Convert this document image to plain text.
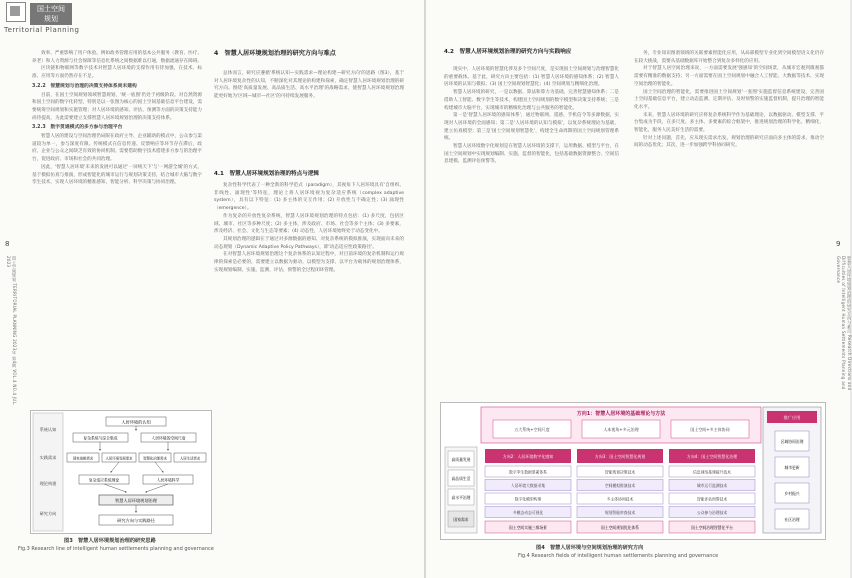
国土空间
规划
Territorial Planning
8
国土空间规划 TERRITORIAL PLANNING 2023年 第4期 VOL.4 NO.4 JUL. 2023

效率、严重影响了用户体验。例如政务管理应用的基本公共服务（教育、医疗、养老）和人力资源与社会保障等信息化系统之间数据难以打通，数据流通存在障碍。

区块链和物联网等数字技术对智慧人居环境的支撑作用有待加强，在技术、标准、应用等方面仍然存在不足。

3.2.2　智慧规划与治理的决策支持体系尚未建构

目前，在国土空间规划领域智慧规划，'统一底图'仍处于初级阶段。对自然资源和国土空间的数字化转型，特别是以一张图为核心的国土空间基础信息平台建设，需要统筹空间规划和实施管理；对人居环境的感知、评估、预测等方面的决策支持能力尚待提高，为此需要建立支撑智慧人居环境规划治理的决策支持体系。

3.2.3　数字贯通模式的多方参与治理平台

智慧人居的建设与空间治理仍局限在政府主导、企业辅助的模式中，公众参与渠道较为单一，参与深度有限。传统模式在信息传递、反馈响应等环节存在滞后，政府、企业与公众之间缺乏有效的协同机制。需要借助数字技术搭建多方参与的治理平台，促进政府、市场和社会的共同治理。

因此，'智慧人居环境'未来的发展可以通过'一屏统天下'与'一网游全城'的方式，基于模拟仿真与推演，形成智能化的城市运行与规划决策支持，结合城市大脑与数字孪生技术，实现人居环境的精准感知、智能分析、科学决策与协同治理。

4　智慧人居环境规划治理的研究方向与难点

总体而言，研究应遵循'系统认知—实践需求—理论构建—研究方向'的思路（图3），基于对人居环境复杂性的认知，不断深化对其理论的构建和探索，确定智慧人居环境规划治理的研究方向。围绕'高质量发展、高品质生活、高水平治理'的战略需求，使智慧人居环境规划治理能更好地为'区域—城市—社区'的可持续发展服务。

4.1　智慧人居环境规划治理的特点与逻辑

复杂性科学代表了一种全新的科学范式（paradigm），其视角下人居环境具有'自组织、非线性、涌现性'等特征，理论上将人居环境视为复杂适应系统（complex adaptive system），具有以下特征：(1) 多主体的交互作用；(2) 开放性与不确定性；(3) 涌现性（emergence）。

作为复杂的开放性复杂系统，智慧人居环境规划治理的特点包括：(1) 多尺度，包括区域、城市、社区等多种尺度；(2) 多主体，涉及政府、市场、社会等多个主体；(3) 多要素，涉及经济、社会、文化与生态等要素；(4) 动态性，人居环境始终处于动态变化中。

其规划治理的逻辑在于通过对多源数据的感知、对复杂系统的模拟推演，实现面向未来的动态规划（Dynamic Adaptive Policy Pathways），即'动态适应性政策路径'。

在对智慧人居环境规划治理这个复杂体系的认知过程中，对目前环境的复杂机制和运行规律的探索是必要的，需要建立以数据为驱动、以模型为支撑、以平台为载体的规划治理体系，实现规划编制、实施、监测、评估、预警的全过程闭环管理。

系统认知
实践需求
理论构建
研究方向
人居环境的认知
复杂系统与综合集成	人居环境的空间尺度
国家战略需求	人居环境发展需求	智慧化治理需求	人居生活需求
复杂适应系统理论	人居环境科学
智慧人居环境规划治理
研究方向与实践路径
图3　智慧人居环境规划治理的研究思路
Fig.3 Research line of intelligent human settlements planning and governance
9
智慧人居环境规划治理的研究方向与难点 Research Directions and Difficulties of Intelligent Human Settlements Planning and Governance
4.2　智慧人居环境规划治理的研究方向与实践响应

现实中，人居环境的智慧化涉及多个空间尺度，是实现国土空间规划与治理智慧化的重要载体。基于此，研究方向主要包括：(1) 智慧人居环境的感知体系；(2) 智慧人居环境的认知与模拟；(3) 国土空间规划智慧化；(4) 空间规划与精细化治理。

智慧人居环境的研究，一是以数据、算法和算力为基础，完善智慧感知体系；二是借助人工智能、数字孪生等技术，构建国土空间规划的数字模型和决策支持系统；三是构建城市大脑平台，实现城市的精细化治理与公共服务的智能化。

第一是'智慧人居环境的感知体系'，通过物联网、遥感、手机信令等多源数据，实现对人居环境的全面感知；第二是'人居环境的认知与模拟'，以复杂系统理论为基础，建立仿真模型；第三是'国土空间规划智慧化'，构建全生命周期的国土空间规划管理系统。

智慧人居环境数字化规划是在智慧人居环境的支撑下，运用数据、模型与平台，在国土空间规划中实现规划编制、实施、监督的智能化，包括基础数据资源整合、空间信息建模、监测评估预警等。

务，专业知识图谱领域的关联要素智能化应用，从局部模型专业化到空间模型语义化仍存在较大挑战，需要从基础数据库开始整合到复杂多样化的应用。

对于智慧人居空间治理来说，一方面需要发展'强感知'的空间场景，从城市宏观到微观都需要有精准的数据支持；另一方面需要在国土空间规划中融合人工智能、大数据等技术，实现空间治理的智能化。

国土空间治理的智能化，需要推进国土空间规划'一张图'实施监督信息系统建设，完善国土空间基础信息平台，建立动态监测、定期评估、及时预警的实施监督机制，提升治理的智能化水平。

未来，智慧人居环境的研究应将复杂系统科学作为基础理论，以数据驱动、模型支撑、平台集成为手段，在多尺度、多主体、多要素的综合框架中，推进规划治理的科学化、精细化、智能化，服务人民美好生活的需要。

针对上述问题，首先，应从现实需求出发，规划治理的研究应面向多主体的需求，推动空间的动态优化；其次，进一步加强跨学科协同研究。

方向1：智慧人居环境的基础理论与方法
五大系统+空间尺度	人本视角+多元治理	国土空间+多主体协同
高质量发展
高品质生活
高水平治理
国家需求
方向2：人居环境数字化感知	方向3：国土空间智慧化规划	方向4：国土空间智慧化治理
数字孪生数据要素体系	智能规划决策技术	信息网络基建提升技术
人居环境大数据采集	空间模拟推演技术	城市运行监测技术
数字化模型构建	多主体协同技术	智能评估预警技术
多模态动态可视化	规划智能审查技术	公众参与治理技术
国土空间实施三维场景	国土空间规划优化体系	国土空间治理智慧化平台
推广应用
区域协同治理
城市更新
乡村振兴
社区治理
图4　智慧人居环境与空间规划治理的研究方向
Fig.4 Research fields of intelligent human settlements planning and governance
